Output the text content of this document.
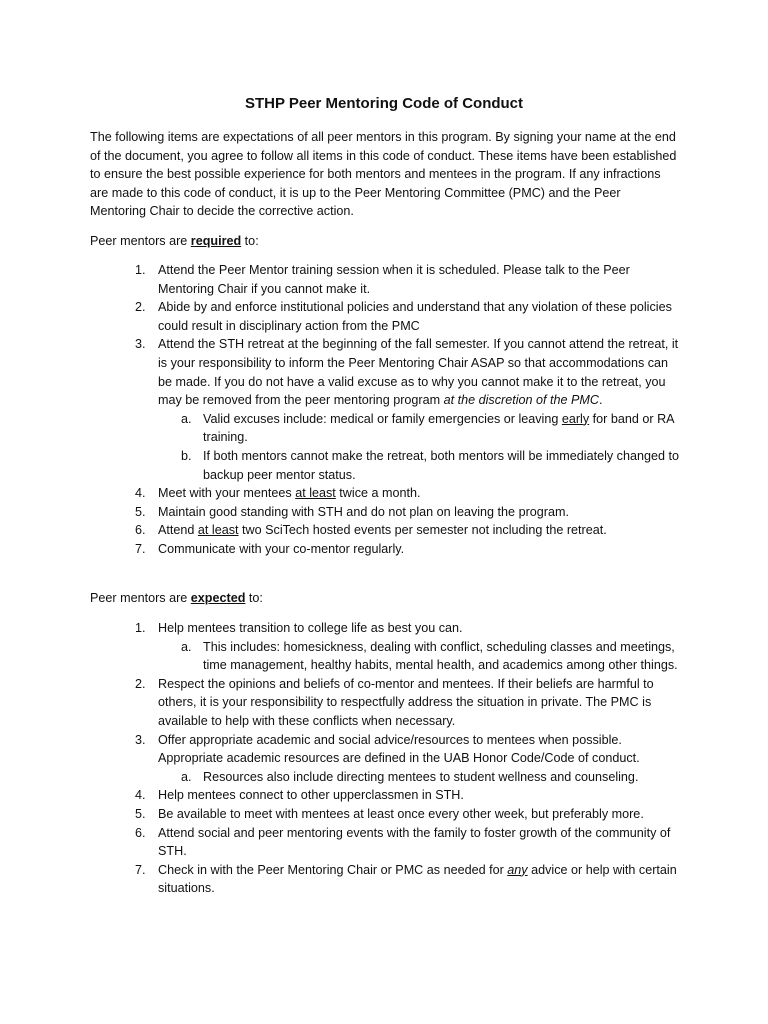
STHP Peer Mentoring Code of Conduct
The following items are expectations of all peer mentors in this program. By signing your name at the end of the document, you agree to follow all items in this code of conduct. These items have been established to ensure the best possible experience for both mentors and mentees in the program. If any infractions are made to this code of conduct, it is up to the Peer Mentoring Committee (PMC) and the Peer Mentoring Chair to decide the corrective action.
Peer mentors are required to:
1. Attend the Peer Mentor training session when it is scheduled. Please talk to the Peer Mentoring Chair if you cannot make it.
2. Abide by and enforce institutional policies and understand that any violation of these policies could result in disciplinary action from the PMC
3. Attend the STH retreat at the beginning of the fall semester. If you cannot attend the retreat, it is your responsibility to inform the Peer Mentoring Chair ASAP so that accommodations can be made. If you do not have a valid excuse as to why you cannot make it to the retreat, you may be removed from the peer mentoring program at the discretion of the PMC.
a. Valid excuses include: medical or family emergencies or leaving early for band or RA training.
b. If both mentors cannot make the retreat, both mentors will be immediately changed to backup peer mentor status.
4. Meet with your mentees at least twice a month.
5. Maintain good standing with STH and do not plan on leaving the program.
6. Attend at least two SciTech hosted events per semester not including the retreat.
7. Communicate with your co-mentor regularly.
Peer mentors are expected to:
1. Help mentees transition to college life as best you can.
a. This includes: homesickness, dealing with conflict, scheduling classes and meetings, time management, healthy habits, mental health, and academics among other things.
2. Respect the opinions and beliefs of co-mentor and mentees. If their beliefs are harmful to others, it is your responsibility to respectfully address the situation in private. The PMC is available to help with these conflicts when necessary.
3. Offer appropriate academic and social advice/resources to mentees when possible. Appropriate academic resources are defined in the UAB Honor Code/Code of conduct.
a. Resources also include directing mentees to student wellness and counseling.
4. Help mentees connect to other upperclassmen in STH.
5. Be available to meet with mentees at least once every other week, but preferably more.
6. Attend social and peer mentoring events with the family to foster growth of the community of STH.
7. Check in with the Peer Mentoring Chair or PMC as needed for any advice or help with certain situations.
